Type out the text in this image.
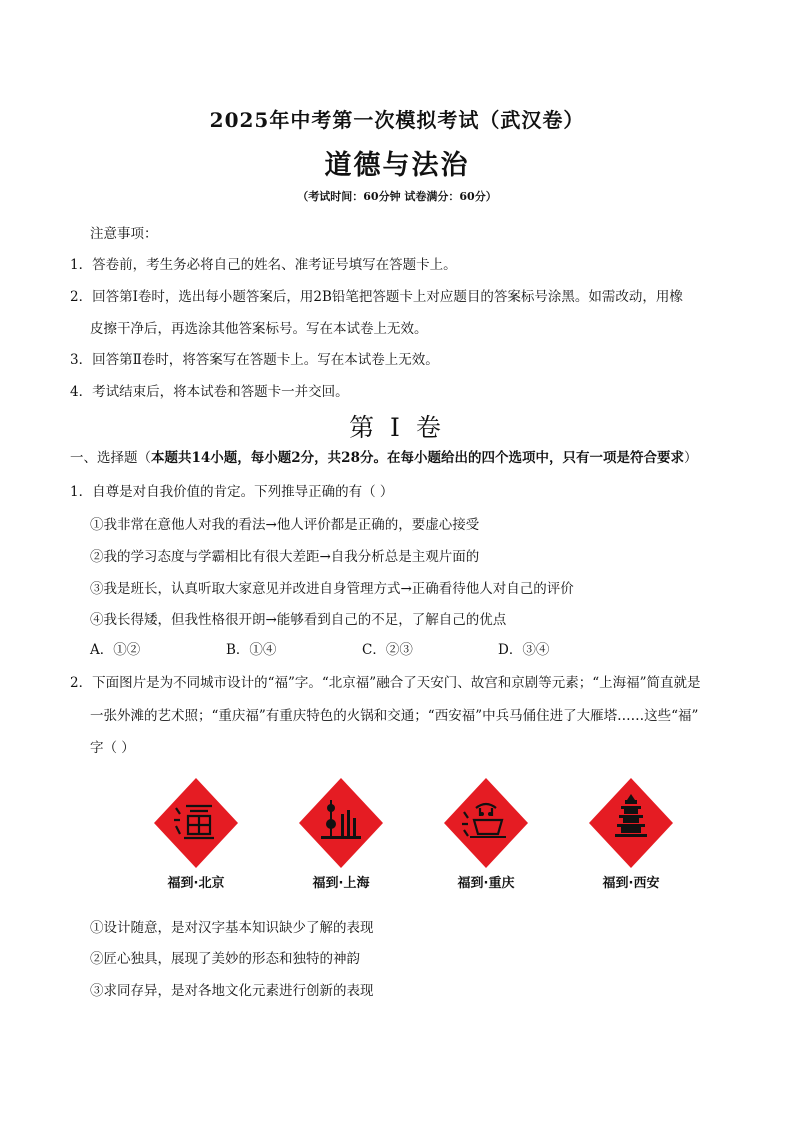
2025年中考第一次模拟考试（武汉卷）
道德与法治
（考试时间：60分钟 试卷满分：60分）
注意事项：
1．答卷前，考生务必将自己的姓名、准考证号填写在答题卡上。
2．回答第Ⅰ卷时，选出每小题答案后，用2B铅笔把答题卡上对应题目的答案标号涂黑。如需改动，用橡
皮擦干净后，再选涂其他答案标号。写在本试卷上无效。
3．回答第Ⅱ卷时，将答案写在答题卡上。写在本试卷上无效。
4．考试结束后，将本试卷和答题卡一并交回。
第 I 卷
一、选择题（本题共14小题，每小题2分，共28分。在每小题给出的四个选项中，只有一项是符合要求）
1．自尊是对自我价值的肯定。下列推导正确的有（ ）
①我非常在意他人对我的看法→他人评价都是正确的，要虚心接受
②我的学习态度与学霸相比有很大差距→自我分析总是主观片面的
③我是班长，认真听取大家意见并改进自身管理方式→正确看待他人对自己的评价
④我长得矮，但我性格很开朗→能够看到自己的不足，了解自己的优点
A．①②	B．①④	C．②③	D．③④
2．下面图片是为不同城市设计的“福”字。“北京福”融合了天安门、故宫和京剧等元素；“上海福”简直就是
一张外滩的艺术照；“重庆福”有重庆特色的火锅和交通；“西安福”中兵马俑住进了大雁塔……这些“福”
字（ ）
福到·北京	福到·上海	福到·重庆	福到·西安
①设计随意，是对汉字基本知识缺少了解的表现
②匠心独具，展现了美妙的形态和独特的神韵
③求同存异，是对各地文化元素进行创新的表现
